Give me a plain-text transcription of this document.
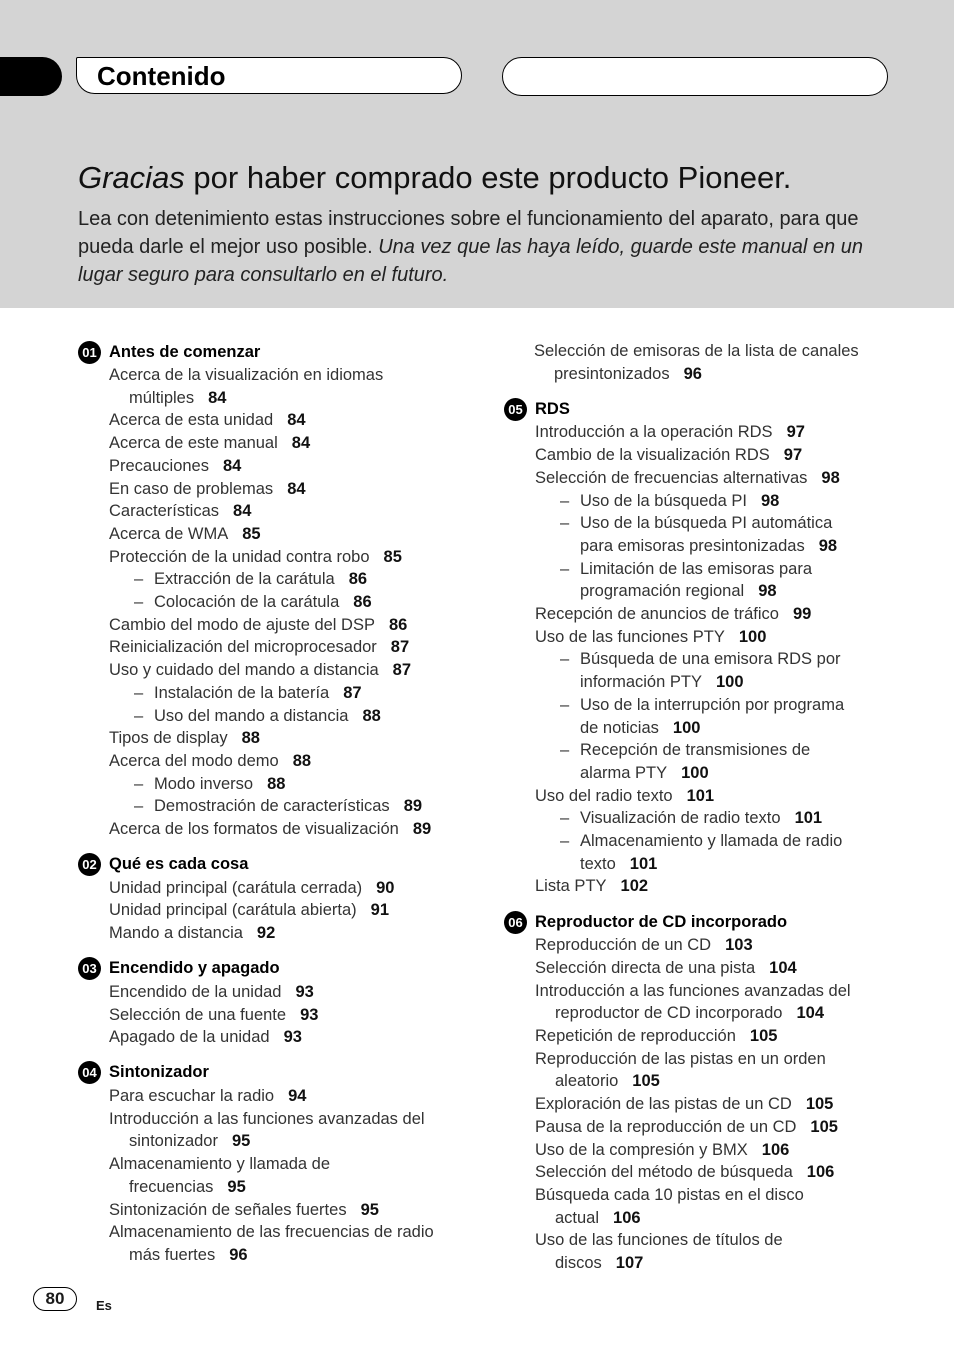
Contenido
Gracias por haber comprado este producto Pioneer.
Lea con detenimiento estas instrucciones sobre el funcionamiento del aparato, para que pueda darle el mejor uso posible. Una vez que las haya leído, guarde este manual en un lugar seguro para consultarlo en el futuro.
01 Antes de comenzar
Acerca de la visualización en idiomas
múltiples 84
Acerca de esta unidad 84
Acerca de este manual 84
Precauciones 84
En caso de problemas 84
Características 84
Acerca de WMA 85
Protección de la unidad contra robo 85
– Extracción de la carátula 86
– Colocación de la carátula 86
Cambio del modo de ajuste del DSP 86
Reinicialización del microprocesador 87
Uso y cuidado del mando a distancia 87
– Instalación de la batería 87
– Uso del mando a distancia 88
Tipos de display 88
Acerca del modo demo 88
– Modo inverso 88
– Demostración de características 89
Acerca de los formatos de visualización 89
02 Qué es cada cosa
Unidad principal (carátula cerrada) 90
Unidad principal (carátula abierta) 91
Mando a distancia 92
03 Encendido y apagado
Encendido de la unidad 93
Selección de una fuente 93
Apagado de la unidad 93
04 Sintonizador
Para escuchar la radio 94
Introducción a las funciones avanzadas del
sintonizador 95
Almacenamiento y llamada de
frecuencias 95
Sintonización de señales fuertes 95
Almacenamiento de las frecuencias de radio
más fuertes 96
Selección de emisoras de la lista de canales
presintonizados 96
05 RDS
Introducción a la operación RDS 97
Cambio de la visualización RDS 97
Selección de frecuencias alternativas 98
– Uso de la búsqueda PI 98
– Uso de la búsqueda PI automática
para emisoras presintonizadas 98
– Limitación de las emisoras para
programación regional 98
Recepción de anuncios de tráfico 99
Uso de las funciones PTY 100
– Búsqueda de una emisora RDS por
información PTY 100
– Uso de la interrupción por programa
de noticias 100
– Recepción de transmisiones de
alarma PTY 100
Uso del radio texto 101
– Visualización de radio texto 101
– Almacenamiento y llamada de radio
texto 101
Lista PTY 102
06 Reproductor de CD incorporado
Reproducción de un CD 103
Selección directa de una pista 104
Introducción a las funciones avanzadas del
reproductor de CD incorporado 104
Repetición de reproducción 105
Reproducción de las pistas en un orden
aleatorio 105
Exploración de las pistas de un CD 105
Pausa de la reproducción de un CD 105
Uso de la compresión y BMX 106
Selección del método de búsqueda 106
Búsqueda cada 10 pistas en el disco
actual 106
Uso de las funciones de títulos de
discos 107
80	Es
